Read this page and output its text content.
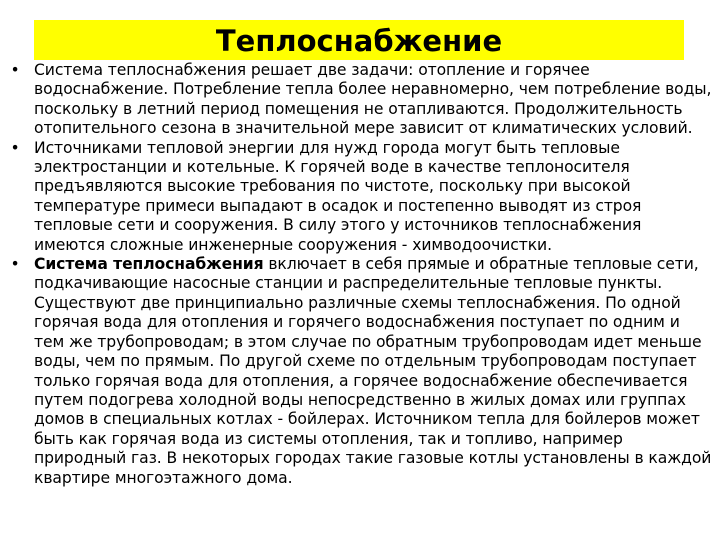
Теплоснабжение
•
Система теплоснабжения решает две задачи: отопление и горячее водоснабжение. Потребление тепла более неравномерно, чем потребление воды, поскольку в летний период помещения не отапливаются. Продолжительность отопительного сезона в значительной мере зависит от климатических условий.
•
Источниками тепловой энергии для нужд города могут быть тепловые электростанции и котельные. К горячей воде в качестве теплоносителя предъявляются высокие требования по чистоте, поскольку при высокой температуре примеси выпадают в осадок и постепенно выводят из строя тепловые сети и сооружения. В силу этого у источников теплоснабжения имеются сложные инженерные сооружения - химводоочистки.
•
Система теплоснабжения включает в себя прямые и обратные тепловые сети, подкачивающие насосные станции и распределительные тепловые пункты. Существуют две принципиально различные схемы теплоснабжения. По одной горячая вода для отопления и горячего водоснабжения поступает по одним и тем же трубопроводам; в этом случае по обратным трубопроводам идет меньше воды, чем по прямым. По другой схеме по отдельным трубопроводам поступает только горячая вода для отопления, а горячее водоснабжение обеспечивается путем подогрева холодной воды непосредственно в жилых домах или группах домов в специальных котлах - бойлерах. Источником тепла для бойлеров может быть как горячая вода из системы отопления, так и топливо, например природный газ. В некоторых городах такие газовые котлы установлены в каждой квартире многоэтажного дома.
